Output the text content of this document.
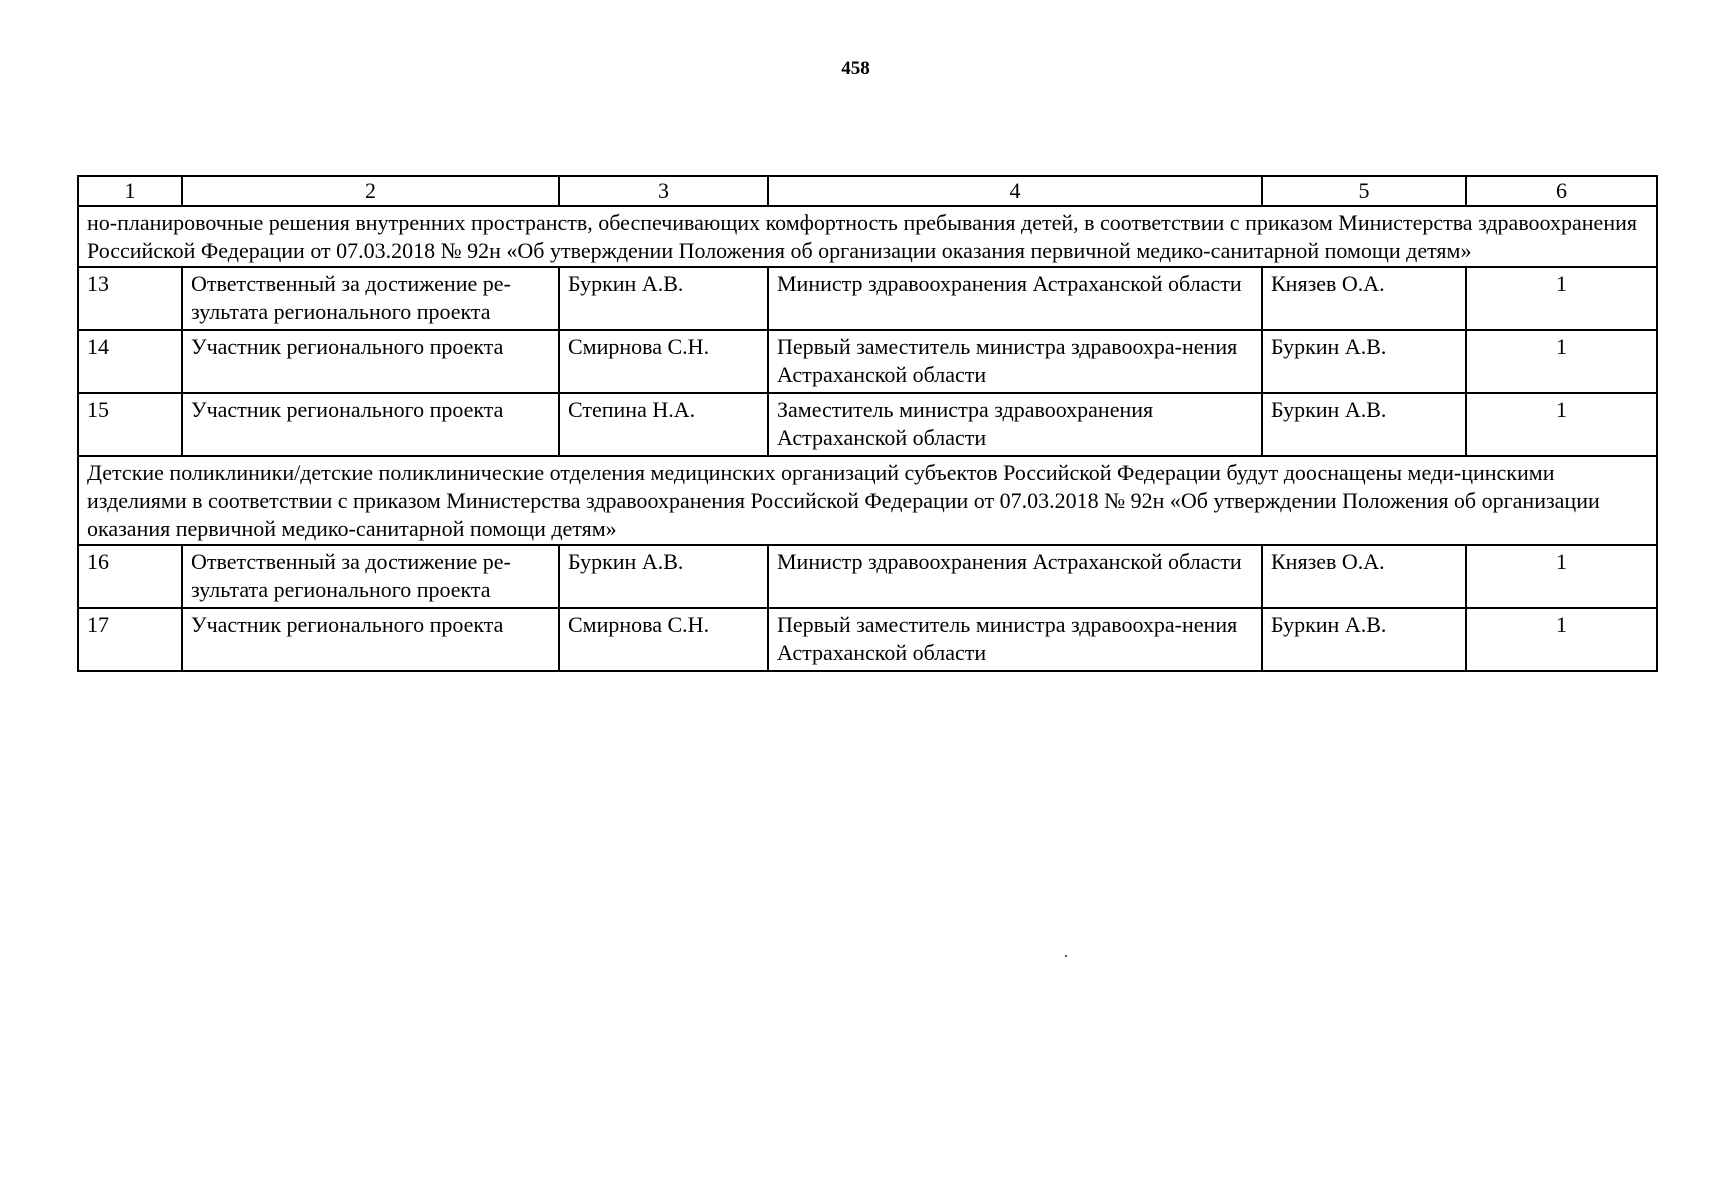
458
1	2	3	4	5	6
но-планировочные решения внутренних пространств, обеспечивающих комфортность пребывания детей, в соответствии с приказом Министерства здравоохранения Российской Федерации от 07.03.2018 № 92н «Об утверждении Положения об организации оказания первичной медико-санитарной помощи детям»					
13	Ответственный за достижение ре-зультата регионального проекта	Буркин А.В.	Министр здравоохранения Астраханской области	Князев О.А.	1
14	Участник регионального проекта	Смирнова С.Н.	Первый заместитель министра здравоохра-нения Астраханской области	Буркин А.В.	1
15	Участник регионального проекта	Степина Н.А.	Заместитель министра здравоохранения Астраханской области	Буркин А.В.	1
Детские поликлиники/детские поликлинические отделения медицинских организаций субъектов Российской Федерации будут дооснащены меди-цинскими изделиями в соответствии с приказом Министерства здравоохранения Российской Федерации от 07.03.2018 № 92н «Об утверждении Положения об организации оказания первичной медико-санитарной помощи детям»					
16	Ответственный за достижение ре-зультата регионального проекта	Буркин А.В.	Министр здравоохранения Астраханской области	Князев О.А.	1
17	Участник регионального проекта	Смирнова С.Н.	Первый заместитель министра здравоохра-нения Астраханской области	Буркин А.В.	1
